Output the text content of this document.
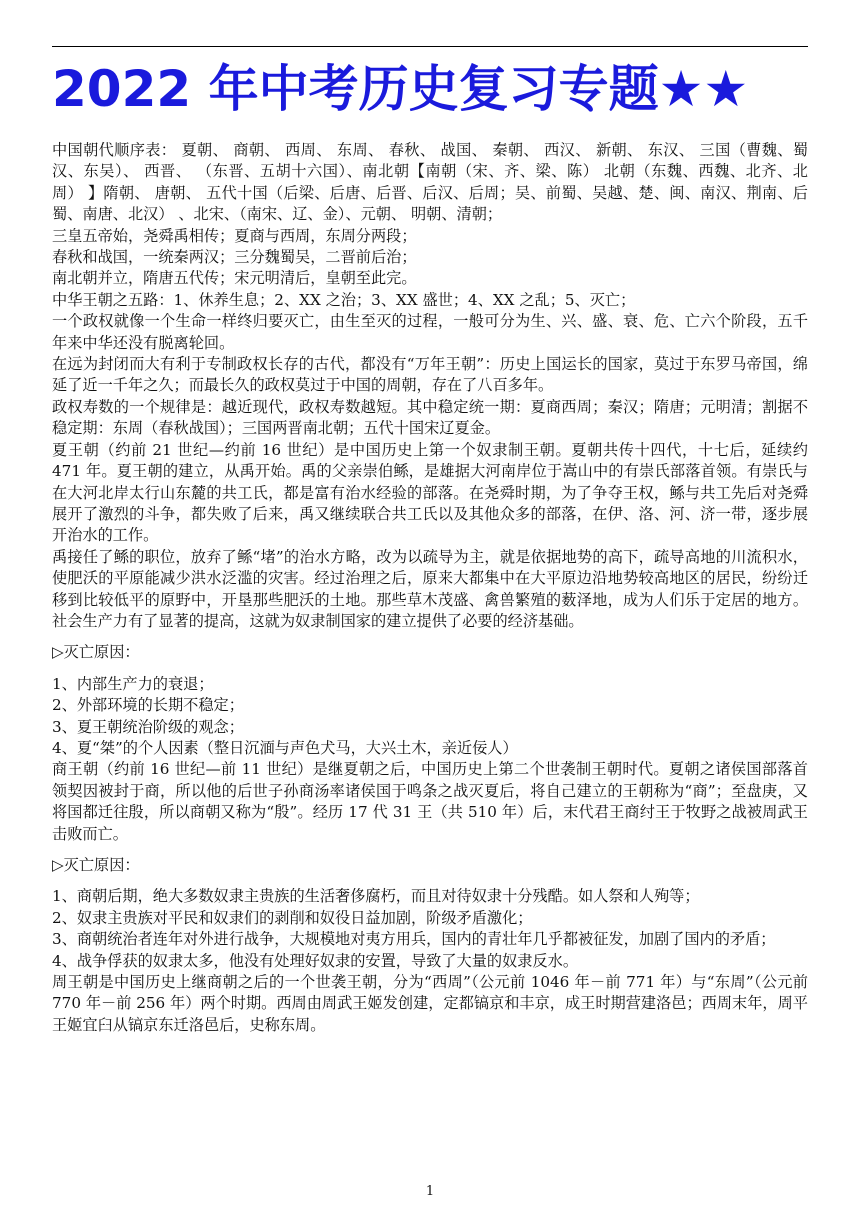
2022 年中考历史复习专题★★

中国朝代顺序表： 夏朝、 商朝、 西周、 东周、 春秋、 战国、 秦朝、 西汉、 新朝、 东汉、 三国（曹魏、蜀汉、东吴）、 西晋、 （东晋、五胡十六国）、南北朝【南朝（宋、齐、梁、陈） 北朝（东魏、西魏、北齐、北周） 】隋朝、 唐朝、 五代十国（后梁、后唐、后晋、后汉、后周；吴、前蜀、吴越、楚、闽、南汉、荆南、后蜀、南唐、北汉） 、北宋、（南宋、辽、金）、元朝、 明朝、清朝；

三皇五帝始，尧舜禹相传；夏商与西周，东周分两段；

春秋和战国，一统秦两汉；三分魏蜀吴，二晋前后治；

南北朝并立，隋唐五代传；宋元明清后，皇朝至此完。

中华王朝之五路：1、休养生息；2、XX 之治；3、XX 盛世；4、XX 之乱；5、灭亡；

一个政权就像一个生命一样终归要灭亡，由生至灭的过程，一般可分为生、兴、盛、衰、危、亡六个阶段，五千年来中华还没有脱离轮回。

在远为封闭而大有利于专制政权长存的古代，都没有“万年王朝”：历史上国运长的国家，莫过于东罗马帝国，绵延了近一千年之久；而最长久的政权莫过于中国的周朝，存在了八百多年。

政权寿数的一个规律是：越近现代，政权寿数越短。其中稳定统一期：夏商西周；秦汉；隋唐；元明清；割据不稳定期：东周（春秋战国）；三国两晋南北朝；五代十国宋辽夏金。

夏王朝（约前 21 世纪—约前 16 世纪）是中国历史上第一个奴隶制王朝。夏朝共传十四代，十七后，延续约 471 年。夏王朝的建立，从禹开始。禹的父亲崇伯鲧，是雄据大河南岸位于嵩山中的有崇氏部落首领。有崇氏与在大河北岸太行山东麓的共工氏，都是富有治水经验的部落。在尧舜时期，为了争夺王权，鲧与共工先后对尧舜展开了激烈的斗争，都失败了后来，禹又继续联合共工氏以及其他众多的部落，在伊、洛、河、济一带，逐步展开治水的工作。

禹接任了鲧的职位，放弃了鲧“堵”的治水方略，改为以疏导为主，就是依据地势的高下，疏导高地的川流积水，使肥沃的平原能减少洪水泛滥的灾害。经过治理之后，原来大都集中在大平原边沿地势较高地区的居民，纷纷迁移到比较低平的原野中，开垦那些肥沃的土地。那些草木茂盛、禽兽繁殖的薮泽地，成为人们乐于定居的地方。社会生产力有了显著的提高，这就为奴隶制国家的建立提供了必要的经济基础。

▷灭亡原因：

1、内部生产力的衰退；

2、外部环境的长期不稳定；

3、夏王朝统治阶级的观念；

4、夏“桀”的个人因素（整日沉湎与声色犬马，大兴土木，亲近佞人）

商王朝（约前 16 世纪—前 11 世纪）是继夏朝之后，中国历史上第二个世袭制王朝时代。夏朝之诸侯国部落首领契因被封于商，所以他的后世子孙商汤率诸侯国于鸣条之战灭夏后，将自己建立的王朝称为“商”；至盘庚，又将国都迁往殷，所以商朝又称为“殷”。经历 17 代 31 王（共 510 年）后，末代君王商纣王于牧野之战被周武王击败而亡。

▷灭亡原因：

1、商朝后期，绝大多数奴隶主贵族的生活奢侈腐朽，而且对待奴隶十分残酷。如人祭和人殉等；

2、奴隶主贵族对平民和奴隶们的剥削和奴役日益加剧，阶级矛盾激化；

3、商朝统治者连年对外进行战争，大规模地对夷方用兵，国内的青壮年几乎都被征发，加剧了国内的矛盾；

4、战争俘获的奴隶太多，他没有处理好奴隶的安置，导致了大量的奴隶反水。

周王朝是中国历史上继商朝之后的一个世袭王朝，分为“西周”（公元前 1046 年－前 771 年）与“东周”（公元前 770 年－前 256 年）两个时期。西周由周武王姬发创建，定都镐京和丰京，成王时期营建洛邑；西周末年，周平王姬宜臼从镐京东迁洛邑后，史称东周。

1
